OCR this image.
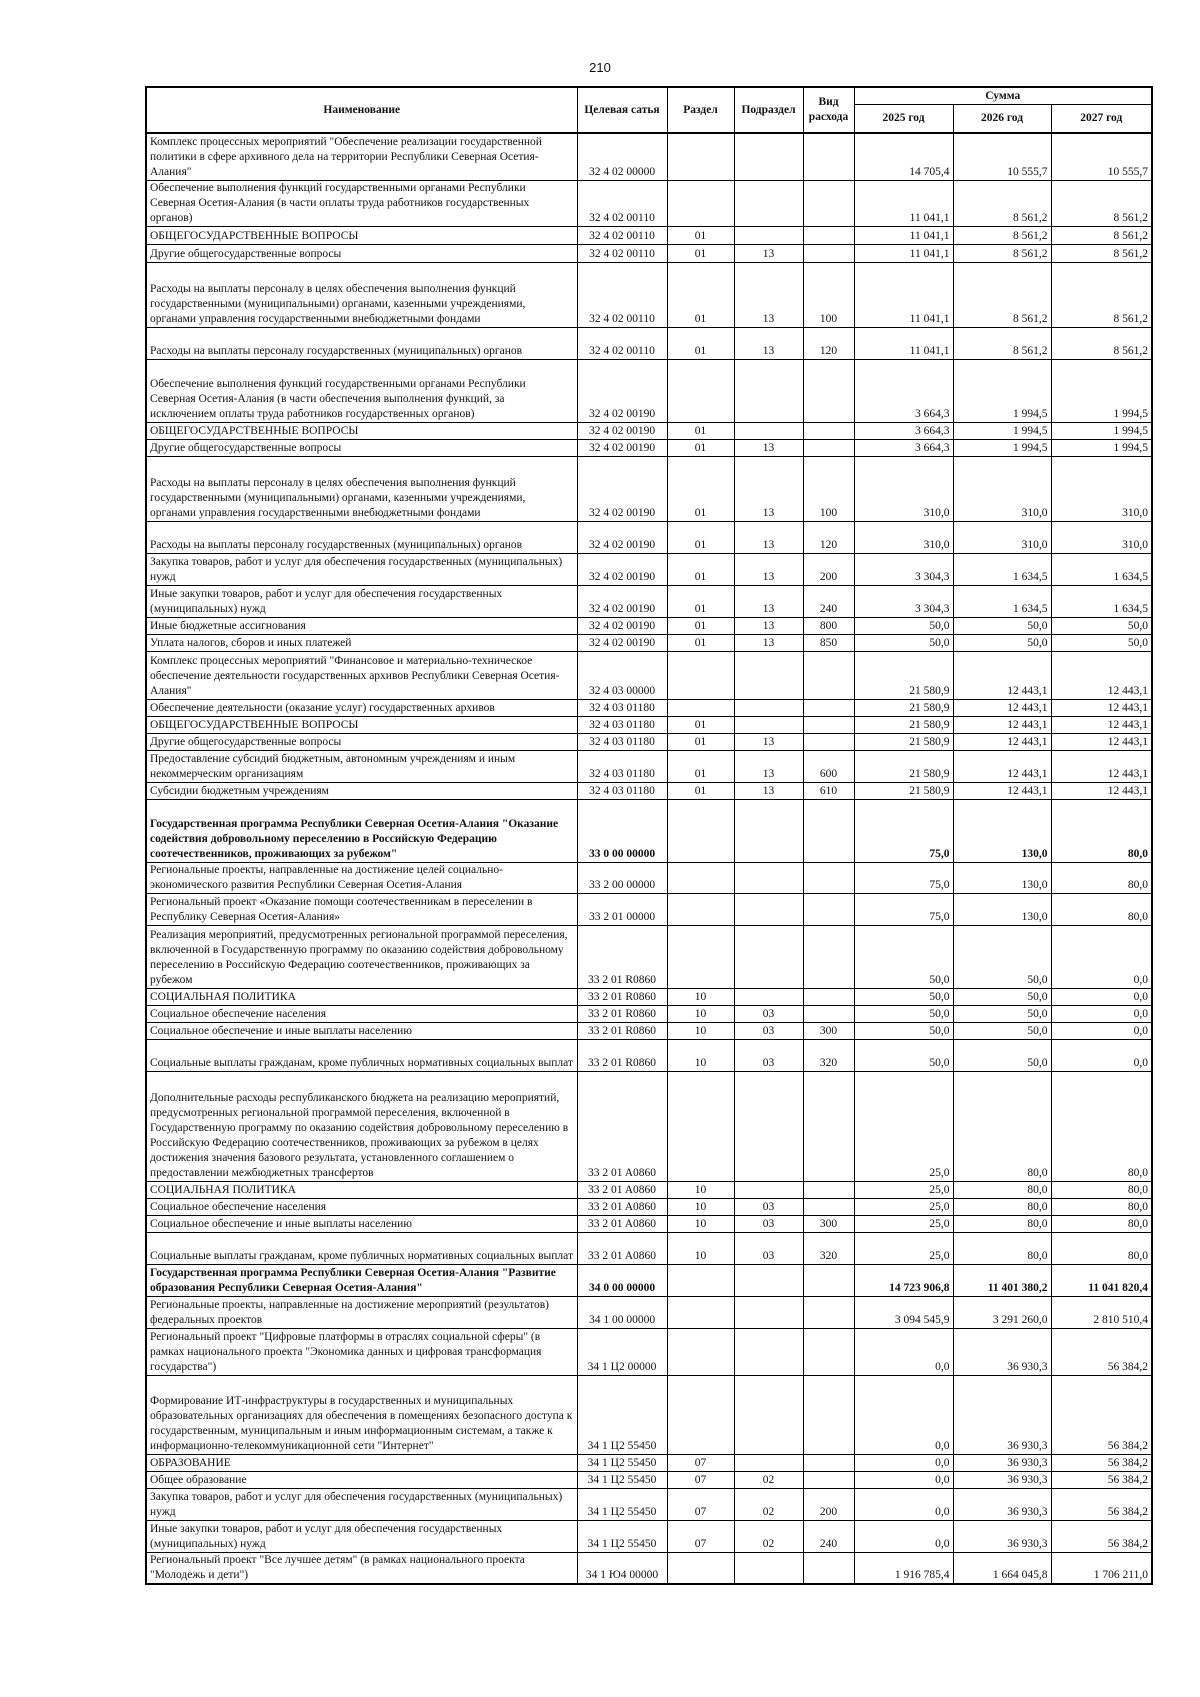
210
Наименование	Целевая сатья	Раздел	Подраздел	Вид расхода	Сумма		
					2025 год	2026 год	2027 год
Комплекс процессных мероприятий "Обеспечение реализации государственной политики в сфере архивного дела на территории Республики Северная Осетия-Алания"	32 4 02 00000				14 705,4	10 555,7	10 555,7
Обеспечение выполнения функций государственными органами Республики Северная Осетия-Алания (в части оплаты труда работников государственных органов)	32 4 02 00110				11 041,1	8 561,2	8 561,2
ОБЩЕГОСУДАРСТВЕННЫЕ ВОПРОСЫ	32 4 02 00110	01			11 041,1	8 561,2	8 561,2
Другие общегосударственные вопросы	32 4 02 00110	01	13		11 041,1	8 561,2	8 561,2
Расходы на выплаты персоналу в целях обеспечения выполнения функций государственными (муниципальными) органами, казенными учреждениями, органами управления государственными внебюджетными фондами	32 4 02 00110	01	13	100	11 041,1	8 561,2	8 561,2
Расходы на выплаты персоналу государственных (муниципальных) органов	32 4 02 00110	01	13	120	11 041,1	8 561,2	8 561,2
Обеспечение выполнения функций государственными органами Республики Северная Осетия-Алания (в части обеспечения выполнения функций, за исключением оплаты труда работников государственных органов)	32 4 02 00190				3 664,3	1 994,5	1 994,5
ОБЩЕГОСУДАРСТВЕННЫЕ ВОПРОСЫ	32 4 02 00190	01			3 664,3	1 994,5	1 994,5
Другие общегосударственные вопросы	32 4 02 00190	01	13		3 664,3	1 994,5	1 994,5
Расходы на выплаты персоналу в целях обеспечения выполнения функций государственными (муниципальными) органами, казенными учреждениями, органами управления государственными внебюджетными фондами	32 4 02 00190	01	13	100	310,0	310,0	310,0
Расходы на выплаты персоналу государственных (муниципальных) органов	32 4 02 00190	01	13	120	310,0	310,0	310,0
Закупка товаров, работ и услуг для обеспечения государственных (муниципальных) нужд	32 4 02 00190	01	13	200	3 304,3	1 634,5	1 634,5
Иные закупки товаров, работ и услуг для обеспечения государственных (муниципальных) нужд	32 4 02 00190	01	13	240	3 304,3	1 634,5	1 634,5
Иные бюджетные ассигнования	32 4 02 00190	01	13	800	50,0	50,0	50,0
Уплата налогов, сборов и иных платежей	32 4 02 00190	01	13	850	50,0	50,0	50,0
Комплекс процессных мероприятий "Финансовое и материально-техническое обеспечение деятельности государственных архивов Республики Северная Осетия-Алания"	32 4 03 00000				21 580,9	12 443,1	12 443,1
Обеспечение деятельности (оказание услуг) государственных архивов	32 4 03 01180				21 580,9	12 443,1	12 443,1
ОБЩЕГОСУДАРСТВЕННЫЕ ВОПРОСЫ	32 4 03 01180	01			21 580,9	12 443,1	12 443,1
Другие общегосударственные вопросы	32 4 03 01180	01	13		21 580,9	12 443,1	12 443,1
Предоставление субсидий бюджетным, автономным учреждениям и иным некоммерческим организациям	32 4 03 01180	01	13	600	21 580,9	12 443,1	12 443,1
Субсидии бюджетным учреждениям	32 4 03 01180	01	13	610	21 580,9	12 443,1	12 443,1
Государственная программа Республики Северная Осетия-Алания "Оказание содействия добровольному переселению в Российскую Федерацию соотечественников, проживающих за рубежом"	33 0 00 00000				75,0	130,0	80,0
Региональные проекты, направленные на достижение целей социально-экономического развития Республики Северная Осетия-Алания	33 2 00 00000				75,0	130,0	80,0
Региональный проект «Оказание помощи соотечественникам в переселении в Республику Северная Осетия-Алания»	33 2 01 00000				75,0	130,0	80,0
Реализация мероприятий, предусмотренных региональной программой переселения, включенной в Государственную программу по оказанию содействия добровольному переселению в Российскую Федерацию соотечественников, проживающих за рубежом	33 2 01 R0860				50,0	50,0	0,0
СОЦИАЛЬНАЯ ПОЛИТИКА	33 2 01 R0860	10			50,0	50,0	0,0
Социальное обеспечение населения	33 2 01 R0860	10	03		50,0	50,0	0,0
Социальное обеспечение и иные выплаты населению	33 2 01 R0860	10	03	300	50,0	50,0	0,0
Социальные выплаты гражданам, кроме публичных нормативных социальных выплат	33 2 01 R0860	10	03	320	50,0	50,0	0,0
Дополнительные расходы республиканского бюджета на реализацию мероприятий, предусмотренных региональной программой переселения, включенной в Государственную программу по оказанию содействия добровольному переселению в Российскую Федерацию соотечественников, проживающих за рубежом в целях достижения значения базового результата, установленного соглашением о предоставлении межбюджетных трансфертов	33 2 01 A0860				25,0	80,0	80,0
СОЦИАЛЬНАЯ ПОЛИТИКА	33 2 01 A0860	10			25,0	80,0	80,0
Социальное обеспечение населения	33 2 01 A0860	10	03		25,0	80,0	80,0
Социальное обеспечение и иные выплаты населению	33 2 01 A0860	10	03	300	25,0	80,0	80,0
Социальные выплаты гражданам, кроме публичных нормативных социальных выплат	33 2 01 A0860	10	03	320	25,0	80,0	80,0
Государственная программа Республики Северная Осетия-Алания "Развитие образования Республики Северная Осетия-Алания"	34 0 00 00000				14 723 906,8	11 401 380,2	11 041 820,4
Региональные проекты, направленные на достижение мероприятий (результатов) федеральных проектов	34 1 00 00000				3 094 545,9	3 291 260,0	2 810 510,4
Региональный проект "Цифровые платформы в отраслях социальной сферы" (в рамках национального проекта "Экономика данных и цифровая трансформация государства")	34 1 Ц2 00000				0,0	36 930,3	56 384,2
Формирование ИТ-инфраструктуры в государственных и муниципальных образовательных организациях для обеспечения в помещениях безопасного доступа к государственным, муниципальным и иным информационным системам, а также к информационно-телекоммуникационной сети "Интернет"	34 1 Ц2 55450				0,0	36 930,3	56 384,2
ОБРАЗОВАНИЕ	34 1 Ц2 55450	07			0,0	36 930,3	56 384,2
Общее образование	34 1 Ц2 55450	07	02		0,0	36 930,3	56 384,2
Закупка товаров, работ и услуг для обеспечения государственных (муниципальных) нужд	34 1 Ц2 55450	07	02	200	0,0	36 930,3	56 384,2
Иные закупки товаров, работ и услуг для обеспечения государственных (муниципальных) нужд	34 1 Ц2 55450	07	02	240	0,0	36 930,3	56 384,2
Региональный проект "Все лучшее детям" (в рамках национального проекта "Молодежь и дети")	34 1 Ю4 00000				1 916 785,4	1 664 045,8	1 706 211,0
